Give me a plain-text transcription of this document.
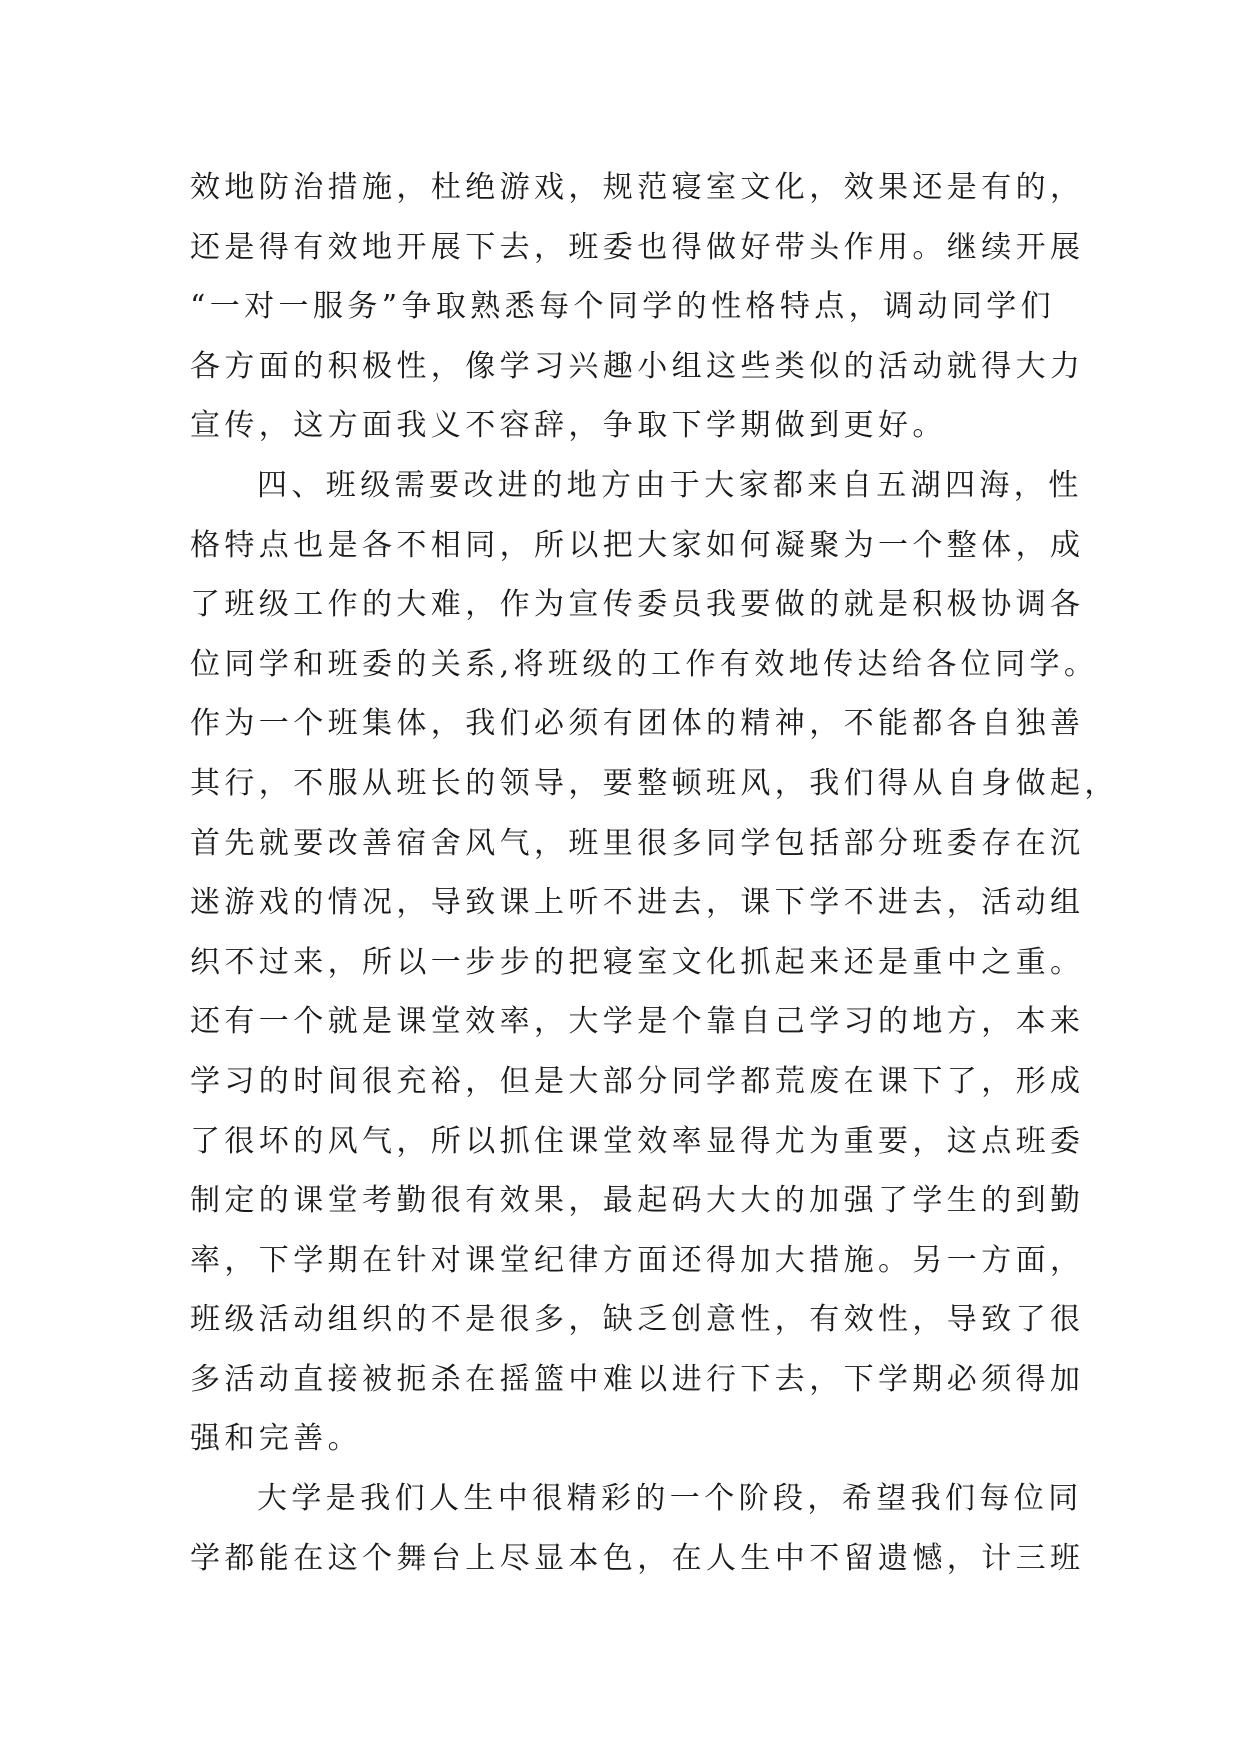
效地防治措施，杜绝游戏，规范寝室文化，效果还是有的，
还是得有效地开展下去，班委也得做好带头作用。继续开展
“一对一服务”争取熟悉每个同学的性格特点，调动同学们
各方面的积极性，像学习兴趣小组这些类似的活动就得大力
宣传，这方面我义不容辞，争取下学期做到更好。
四、班级需要改进的地方由于大家都来自五湖四海，性
格特点也是各不相同，所以把大家如何凝聚为一个整体，成
了班级工作的大难，作为宣传委员我要做的就是积极协调各
位同学和班委的关系,将班级的工作有效地传达给各位同学。
作为一个班集体，我们必须有团体的精神，不能都各自独善
其行，不服从班长的领导，要整顿班风，我们得从自身做起，
首先就要改善宿舍风气，班里很多同学包括部分班委存在沉
迷游戏的情况，导致课上听不进去，课下学不进去，活动组
织不过来，所以一步步的把寝室文化抓起来还是重中之重。
还有一个就是课堂效率，大学是个靠自己学习的地方，本来
学习的时间很充裕，但是大部分同学都荒废在课下了，形成
了很坏的风气，所以抓住课堂效率显得尤为重要，这点班委
制定的课堂考勤很有效果，最起码大大的加强了学生的到勤
率，下学期在针对课堂纪律方面还得加大措施。另一方面，
班级活动组织的不是很多，缺乏创意性，有效性，导致了很
多活动直接被扼杀在摇篮中难以进行下去，下学期必须得加
强和完善。
大学是我们人生中很精彩的一个阶段，希望我们每位同
学都能在这个舞台上尽显本色，在人生中不留遗憾，计三班
